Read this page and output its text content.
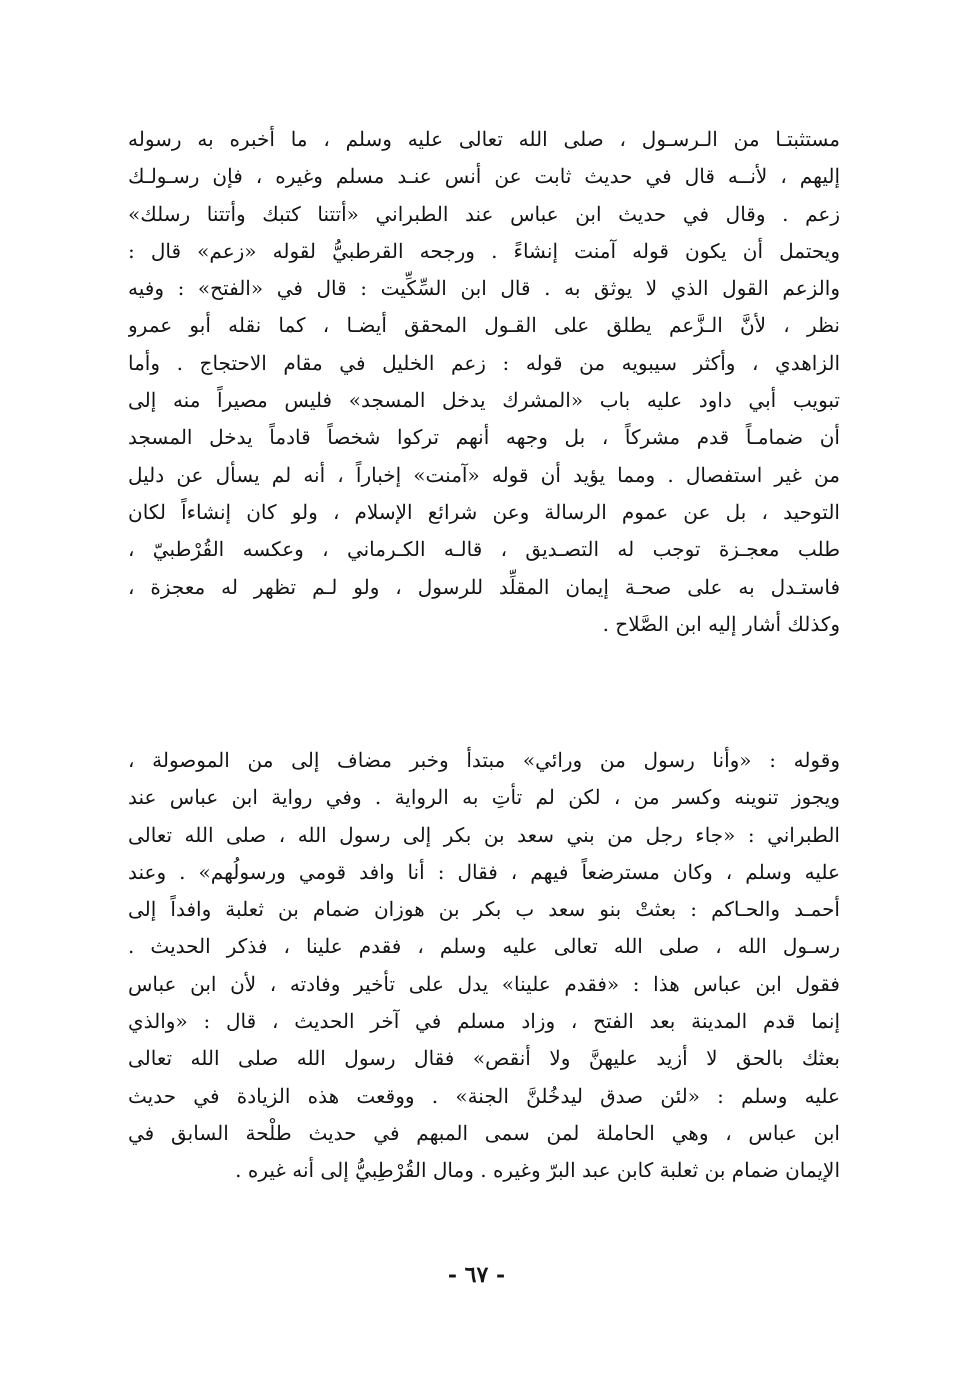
مستثبتـا من الـرسـول ، صلى الله تعالى عليه وسلم ، ما أخبره به رسوله
إليهم ، لأنــه قال في حديث ثابت عن أنس عنـد مسلم وغيره ، فإن رسـولـك
زعم . وقال في حديث ابن عباس عند الطبراني «أتتنا كتبك وأتتنا رسلك»
ويحتمل أن يكون قوله آمنت إنشاءً . ورجحه القرطبيُّ لقوله «زعم» قال :
والزعم القول الذي لا يوثق به . قال ابن السِّكِّيت : قال في «الفتح» : وفيه
نظر ، لأنَّ الـزَّعم يطلق على القـول المحقق أيضـا ، كما نقله أبو عمرو
الزاهدي ، وأكثر سيبويه من قوله : زعم الخليل في مقام الاحتجاج . وأما
تبويب أبي داود عليه باب «المشرك يدخل المسجد» فليس مصيراً منه إلى
أن ضمامـاً قدم مشركاً ، بل وجهه أنهم تركوا شخصاً قادماً يدخل المسجد
من غير استفصال . ومما يؤيد أن قوله «آمنت» إخباراً ، أنه لم يسأل عن دليل
التوحيد ، بل عن عموم الرسالة وعن شرائع الإسلام ، ولو كان إنشاءاً لكان
طلب معجـزة توجب له التصـديق ، قالـه الكـرماني ، وعكسه القُرْطبيّ ،
فاستـدل به على صحـة إيمان المقلِّد للرسول ، ولو لـم تظهر له معجزة ،
وكذلك أشار إليه ابن الصَّلاح .
وقوله : «وأنا رسول من ورائي» مبتدأ وخبر مضاف إلى من الموصولة ،
ويجوز تنوينه وكسر من ، لكن لم تأتِ به الرواية . وفي رواية ابن عباس عند
الطبراني : «جاء رجل من بني سعد بن بكر إلى رسول الله ، صلى الله تعالى
عليه وسلم ، وكان مسترضعاً فيهم ، فقال : أنا وافد قومي ورسولُهم» . وعند
أحمـد والحـاكم : بعثتْ بنو سعد ب بكر بن هوزان ضمام بن ثعلبة وافداً إلى
رسـول الله ، صلى الله تعالى عليه وسلم ، فقدم علينا ، فذكر الحديث .
فقول ابن عباس هذا : «فقدم علينا» يدل على تأخير وفادته ، لأن ابن عباس
إنما قدم المدينة بعد الفتح ، وزاد مسلم في آخر الحديث ، قال : «والذي
بعثك بالحق لا أزيد عليهنَّ ولا أنقص» فقال رسول الله صلى الله تعالى
عليه وسلم : «لئن صدق ليدخُلنَّ الجنة» . ووقعت هذه الزيادة في حديث
ابن عباس ، وهي الحاملة لمن سمى المبهم في حديث طلْحة السابق في
الإيمان ضمام بن ثعلبة كابن عبد البرّ وغيره . ومال القُرْطِبيُّ إلى أنه غيره .
- ٦٧ -
